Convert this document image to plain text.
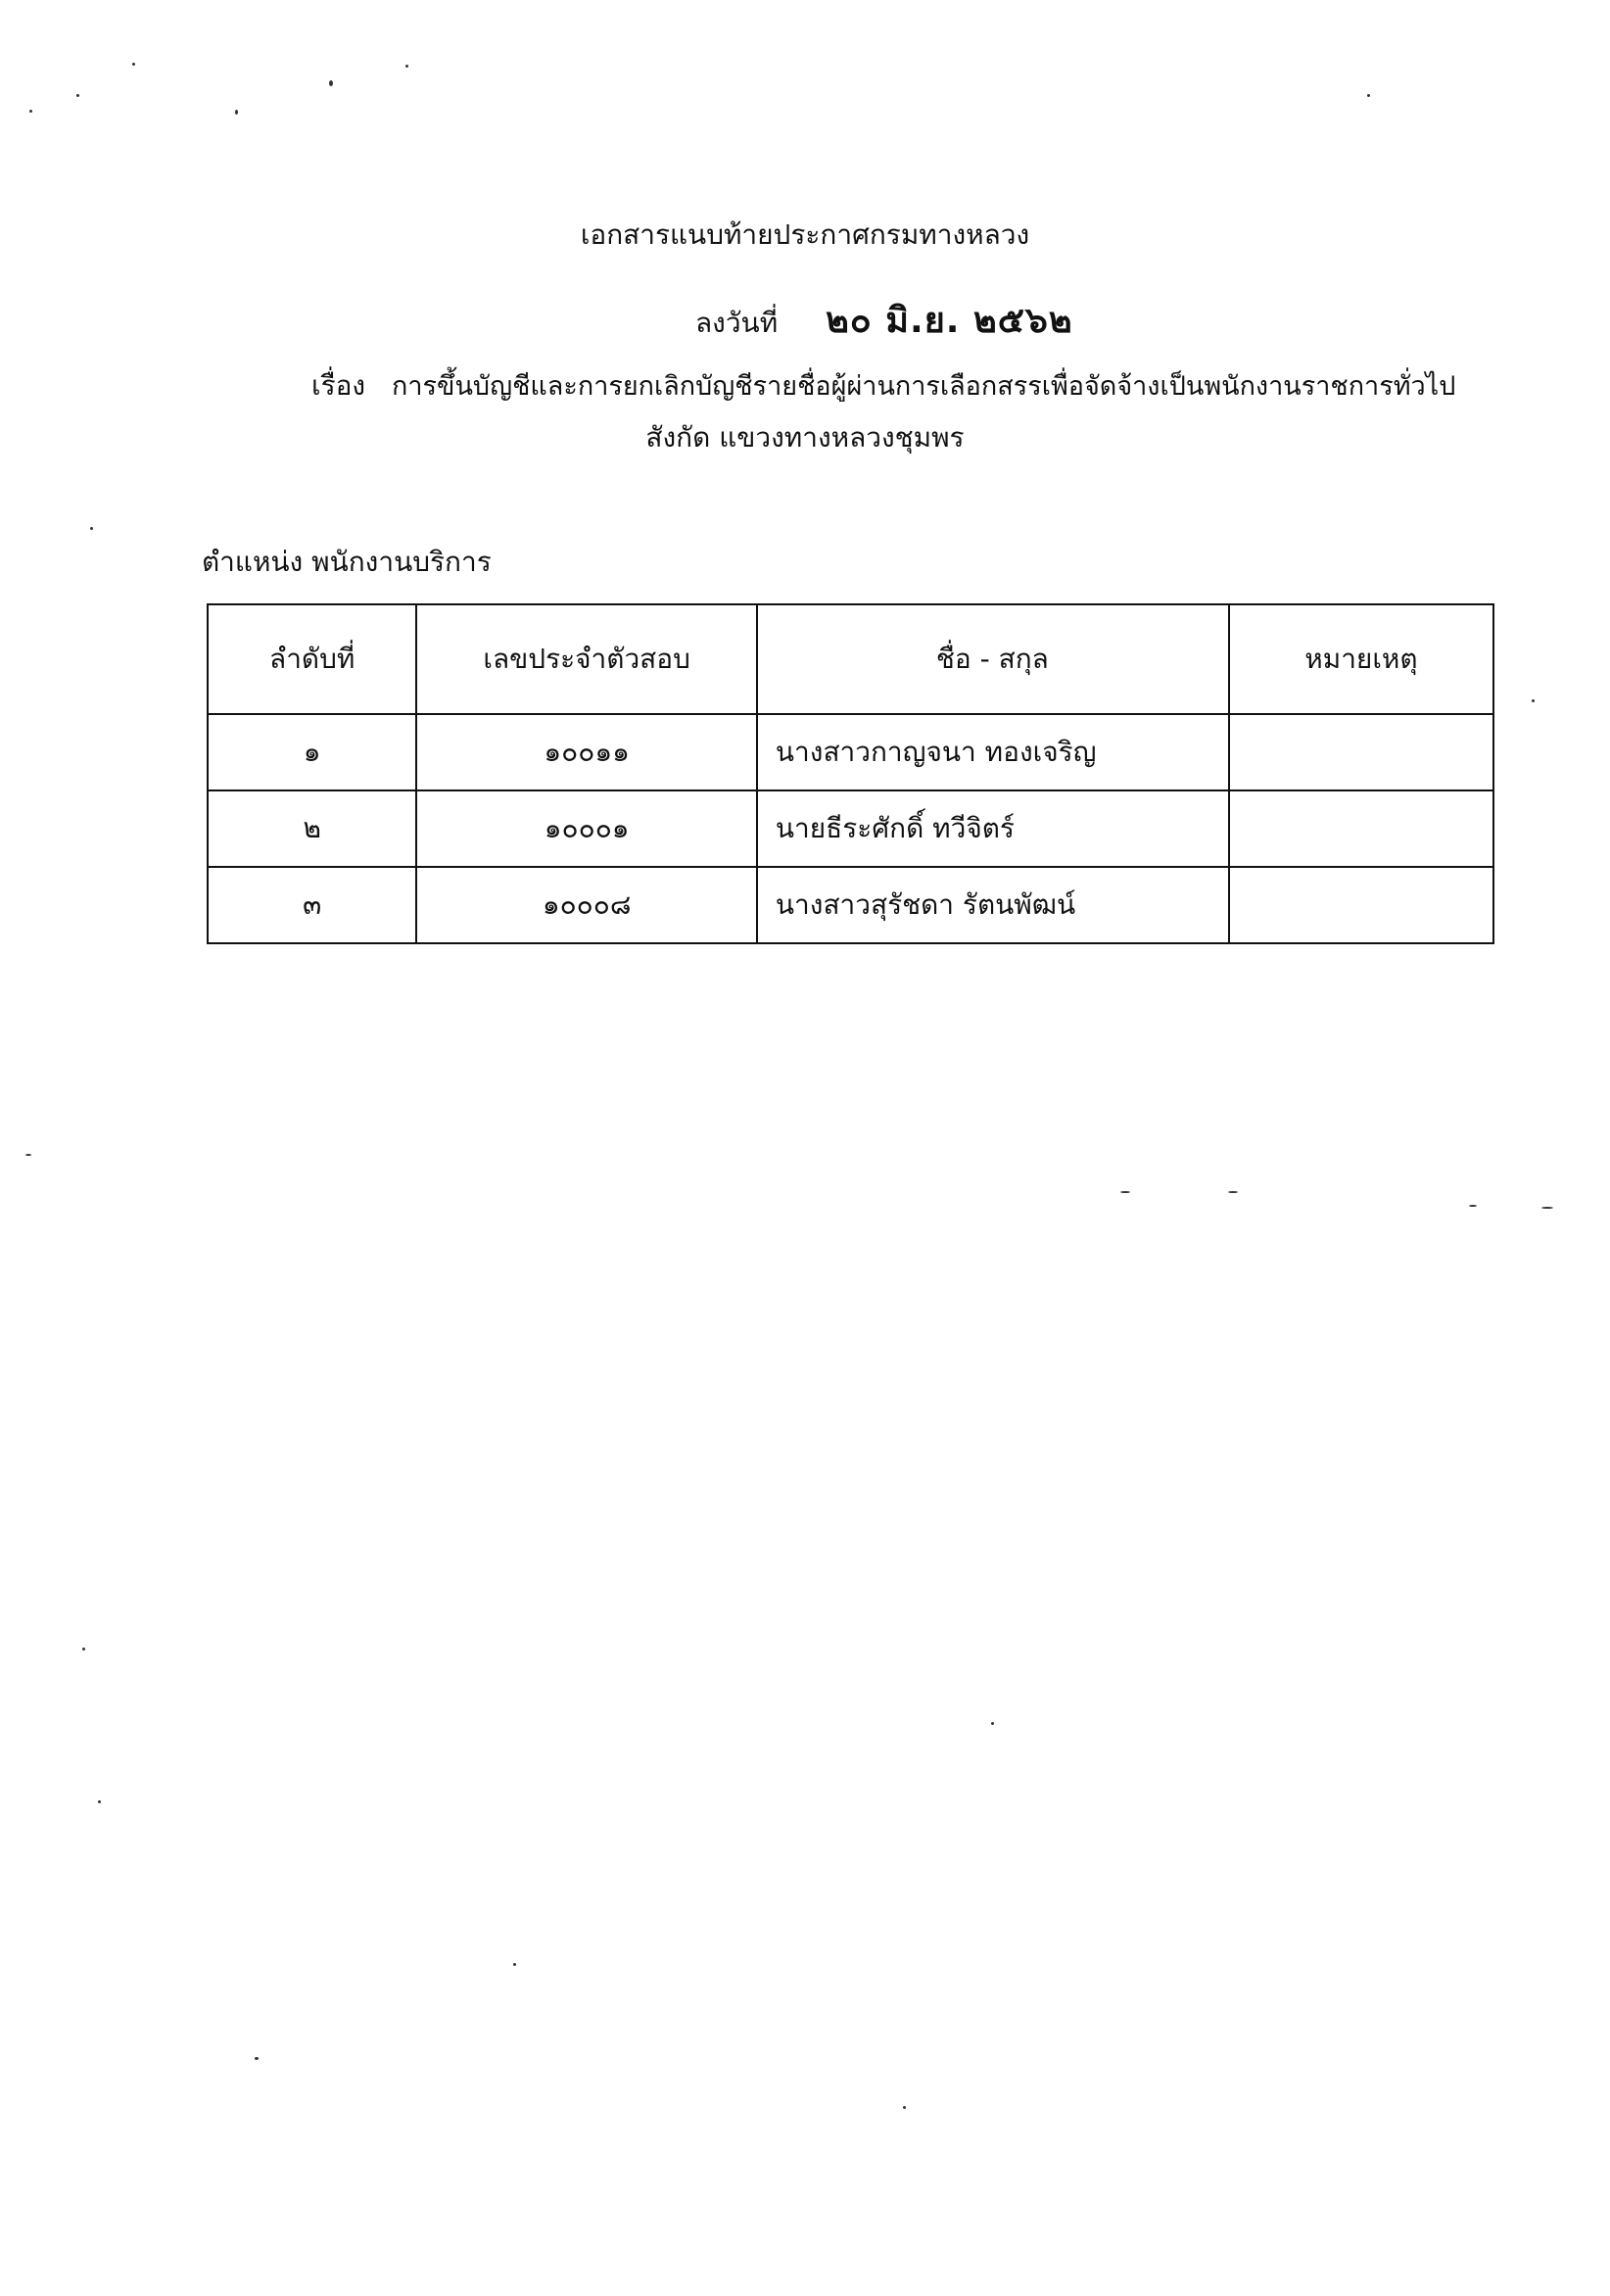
เอกสารแนบท้ายประกาศกรมทางหลวง
ลงวันที่ ๒๐ มิ.ย. ๒๕๖๒
เรื่อง การขึ้นบัญชีและการยกเลิกบัญชีรายชื่อผู้ผ่านการเลือกสรรเพื่อจัดจ้างเป็นพนักงานราชการทั่วไป
สังกัด แขวงทางหลวงชุมพร
ตำแหน่ง พนักงานบริการ
ลำดับที่	เลขประจำตัวสอบ	ชื่อ - สกุล	หมายเหตุ
๑	๑๐๐๑๑	นางสาวกาญจนา ทองเจริญ	
๒	๑๐๐๐๑	นายธีระศักดิ์ ทวีจิตร์	
๓	๑๐๐๐๘	นางสาวสุรัชดา รัตนพัฒน์	
